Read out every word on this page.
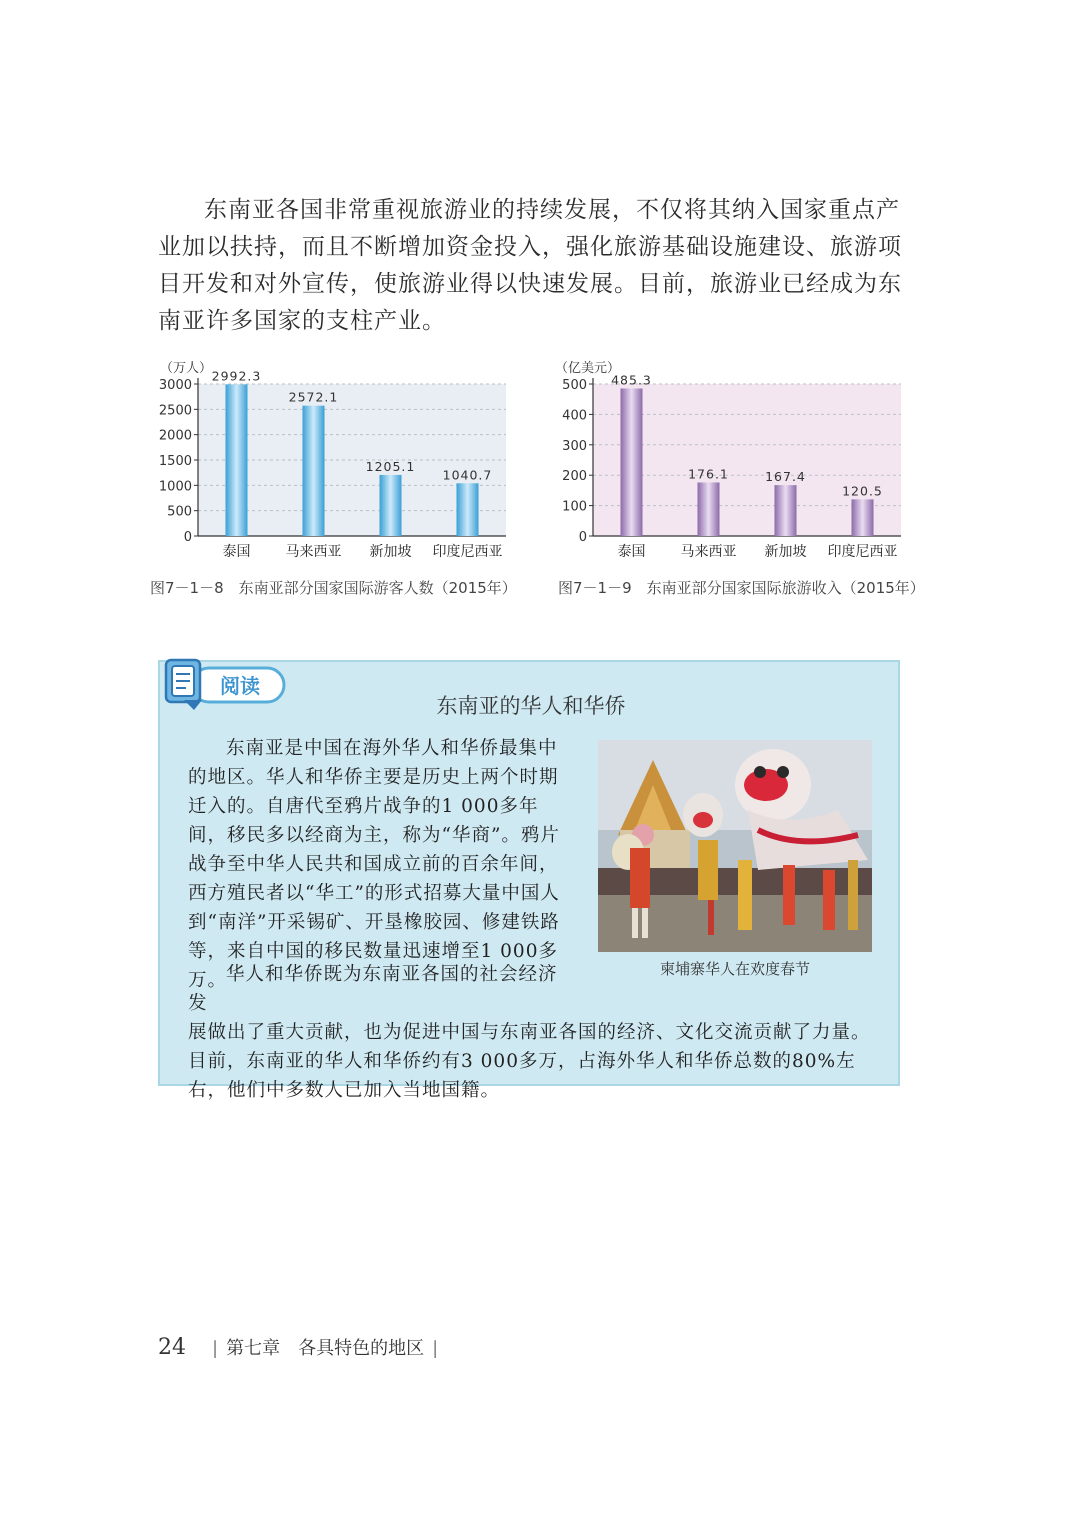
东南亚各国非常重视旅游业的持续发展，不仅将其纳入国家重点产业加以扶持，而且不断增加资金投入，强化旅游基础设施建设、旅游项目开发和对外宣传，使旅游业得以快速发展。目前，旅游业已经成为东南亚许多国家的支柱产业。

0
500
1000
1500
2000
2500
3000
（万人） 2992.3
泰国
2572.1
马来西亚
1205.1
新加坡
1040.7
印度尼西亚
图7－1－8　东南亚部分国家国际游客人数（2015年）
0
100
200
300
400
500
（亿美元）
485.3
泰国
176.1
马来西亚
167.4
新加坡
120.5
印度尼西亚
图7－1－9　东南亚部分国家国际旅游收入（2015年）
东南亚的华人和华侨

东南亚是中国在海外华人和华侨最集中的地区。华人和华侨主要是历史上两个时期迁入的。自唐代至鸦片战争的1 000多年间，移民多以经商为主，称为“华商”。鸦片战争至中华人民共和国成立前的百余年间，西方殖民者以“华工”的形式招募大量中国人到“南洋”开采锡矿、开垦橡胶园、修建铁路等，来自中国的移民数量迅速增至1 000多万。

华人和华侨既为东南亚各国的社会经济发
展做出了重大贡献，也为促进中国与东南亚各国的经济、文化交流贡献了力量。目前，东南亚的华人和华侨约有3 000多万，占海外华人和华侨总数的80%左右，他们中多数人已加入当地国籍。
柬埔寨华人在欢度春节
阅读
24 | 第七章　各具特色的地区 |
